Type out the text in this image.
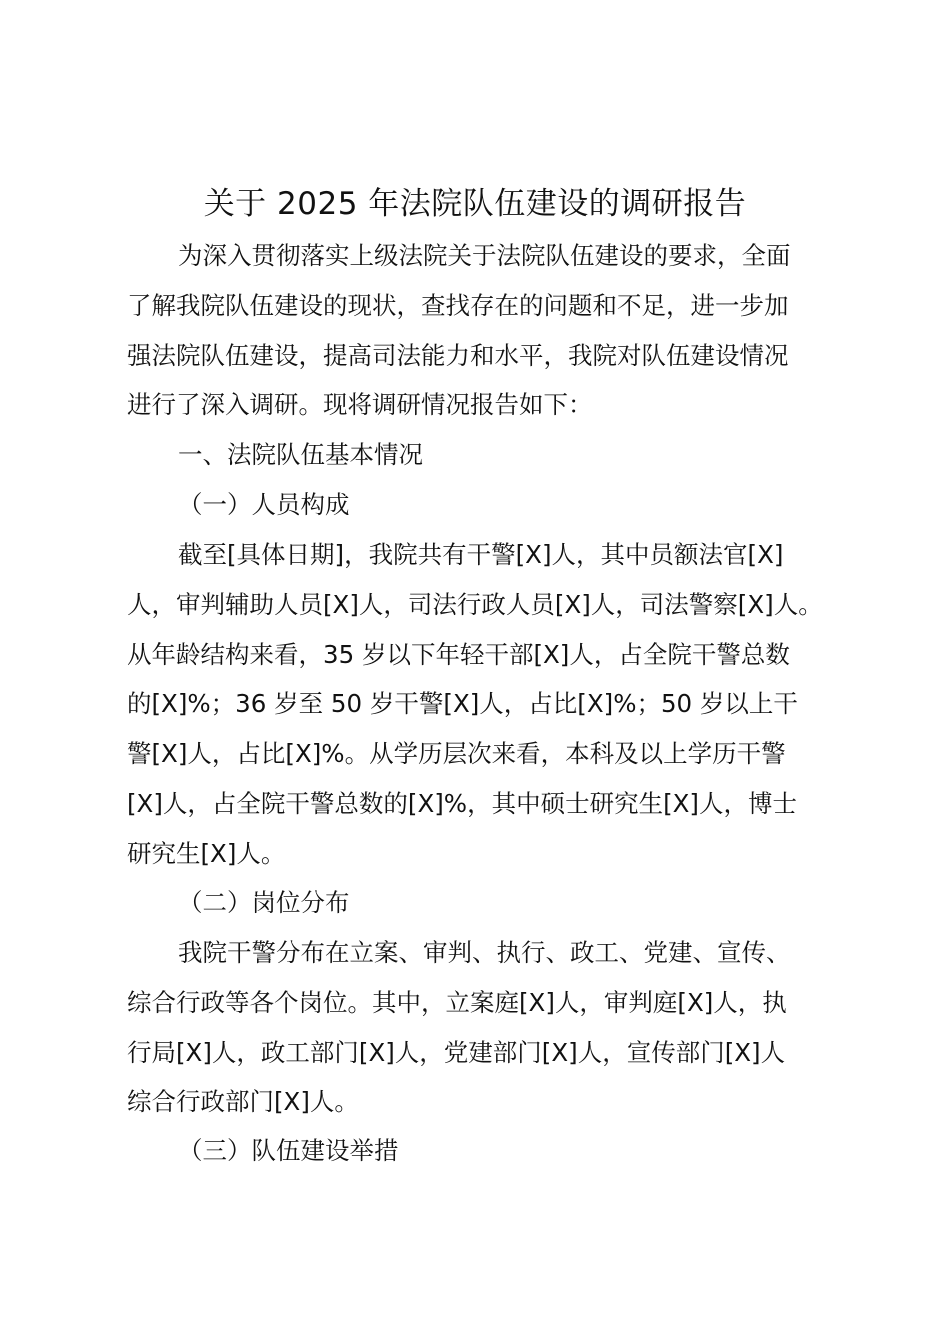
关于 2025 年法院队伍建设的调研报告
为深入贯彻落实上级法院关于法院队伍建设的要求，全面
了解我院队伍建设的现状，查找存在的问题和不足，进一步加
强法院队伍建设，提高司法能力和水平，我院对队伍建设情况
进行了深入调研。现将调研情况报告如下：
一、法院队伍基本情况
（一）人员构成
截至[具体日期]，我院共有干警[X]人，其中员额法官[X]
人，审判辅助人员[X]人，司法行政人员[X]人，司法警察[X]人。
从年龄结构来看，35 岁以下年轻干部[X]人，占全院干警总数
的[X]%；36 岁至 50 岁干警[X]人，占比[X]%；50 岁以上干
警[X]人，占比[X]%。从学历层次来看，本科及以上学历干警
[X]人，占全院干警总数的[X]%，其中硕士研究生[X]人，博士
研究生[X]人。
（二）岗位分布
我院干警分布在立案、审判、执行、政工、党建、宣传、
综合行政等各个岗位。其中，立案庭[X]人，审判庭[X]人，执
行局[X]人，政工部门[X]人，党建部门[X]人，宣传部门[X]人
综合行政部门[X]人。
（三）队伍建设举措
